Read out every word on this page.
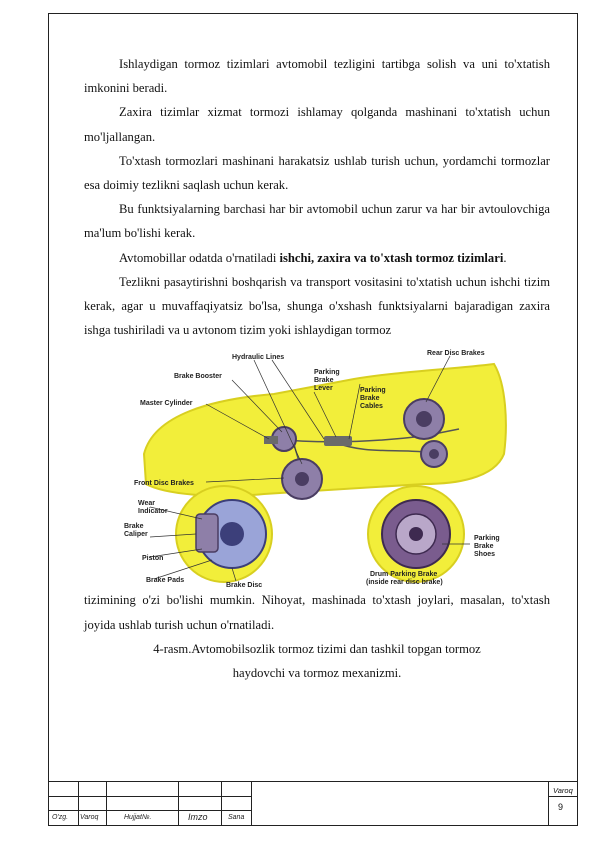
Ishlaydigan tormoz tizimlari avtomobil tezligini tartibga solish va uni to'xtatish imkonini beradi.

Zaxira tizimlar xizmat tormozi ishlamay qolganda mashinani to'xtatish uchun mo'ljallangan.

To'xtash tormozlari mashinani harakatsiz ushlab turish uchun, yordamchi tormozlar esa doimiy tezlikni saqlash uchun kerak.

Bu funktsiyalarning barchasi har bir avtomobil uchun zarur va har bir avtoulovchiga ma'lum bo'lishi kerak.

Avtomobillar odatda o'rnatiladi ishchi, zaxira va to'xtash tormoz tizimlari.

Tezlikni pasaytirishni boshqarish va transport vositasini to'xtatish uchun ishchi tizim kerak, agar u muvaffaqiyatsiz bo'lsa, shunga o'xshash funktsiyalarni bajaradigan zaxira ishga tushiriladi va u avtonom tizim yoki ishlaydigan tormoz

Hydraulic Lines
Rear Disc Brakes
Brake Booster
Parking
Brake
Lever	Parking
Brake
Cables
Master Cylinder
Front Disc Brakes
Wear
Indicator
Brake
Caliper
Piston
Brake Pads
Brake Disc
Parking
Brake
Shoes
Drum Parking Brake
(inside rear disc brake)

tizimining o'zi bo'lishi mumkin. Nihoyat, mashinada to'xtash joylari, masalan, to'xtash joyida ushlab turish uchun o'rnatiladi.

4-rasm.Avtomobilsozlik tormoz tizimi dan tashkil topgan tormoz

haydovchi va tormoz mexanizmi.

O'zg. Varoq	Hujjat№.	Imzo	Sana
Varoq
9
